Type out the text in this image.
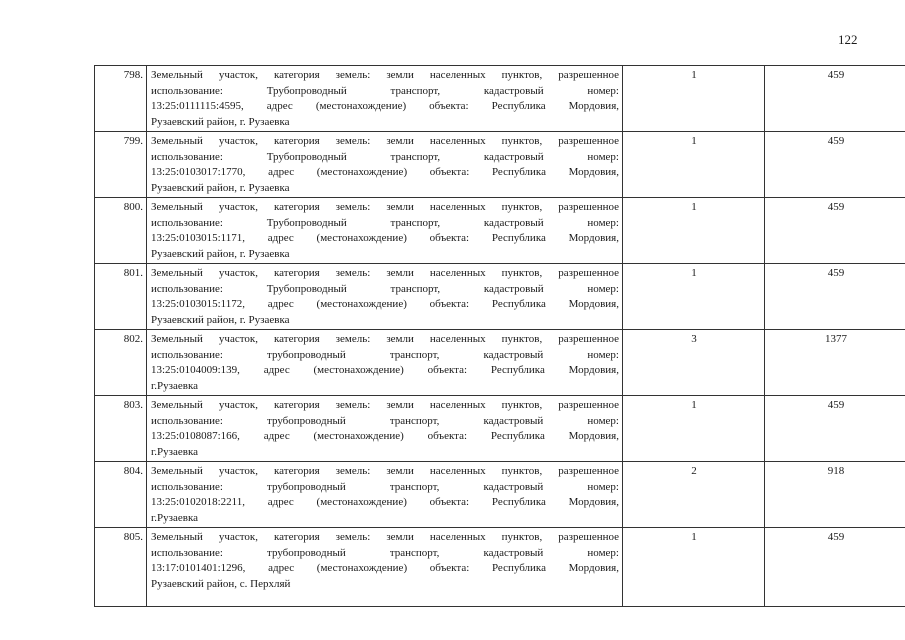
122
798.	Земельный участок, категория земель: земли населенных пунктов, разрешенное
использование: Трубопроводный транспорт, кадастровый номер:
13:25:0111115:4595, адрес (местонахождение) объекта: Республика Мордовия,
Рузаевский район, г. Рузаевка	1	459
799.	Земельный участок, категория земель: земли населенных пунктов, разрешенное
использование: Трубопроводный транспорт, кадастровый номер:
13:25:0103017:1770, адрес (местонахождение) объекта: Республика Мордовия,
Рузаевский район, г. Рузаевка	1	459
800.	Земельный участок, категория земель: земли населенных пунктов, разрешенное
использование: Трубопроводный транспорт, кадастровый номер:
13:25:0103015:1171, адрес (местонахождение) объекта: Республика Мордовия,
Рузаевский район, г. Рузаевка	1	459
801.	Земельный участок, категория земель: земли населенных пунктов, разрешенное
использование: Трубопроводный транспорт, кадастровый номер:
13:25:0103015:1172, адрес (местонахождение) объекта: Республика Мордовия,
Рузаевский район, г. Рузаевка	1	459
802.	Земельный участок, категория земель: земли населенных пунктов, разрешенное
использование: трубопроводный транспорт, кадастровый номер:
13:25:0104009:139, адрес (местонахождение) объекта: Республика Мордовия,
г.Рузаевка	3	1377
803.	Земельный участок, категория земель: земли населенных пунктов, разрешенное
использование: трубопроводный транспорт, кадастровый номер:
13:25:0108087:166, адрес (местонахождение) объекта: Республика Мордовия,
г.Рузаевка	1	459
804.	Земельный участок, категория земель: земли населенных пунктов, разрешенное
использование: трубопроводный транспорт, кадастровый номер:
13:25:0102018:2211, адрес (местонахождение) объекта: Республика Мордовия,
г.Рузаевка	2	918
805.	Земельный участок, категория земель: земли населенных пунктов, разрешенное
использование: трубопроводный транспорт, кадастровый номер:
13:17:0101401:1296, адрес (местонахождение) объекта: Республика Мордовия,
Рузаевский район, с. Перхляй	1	459
